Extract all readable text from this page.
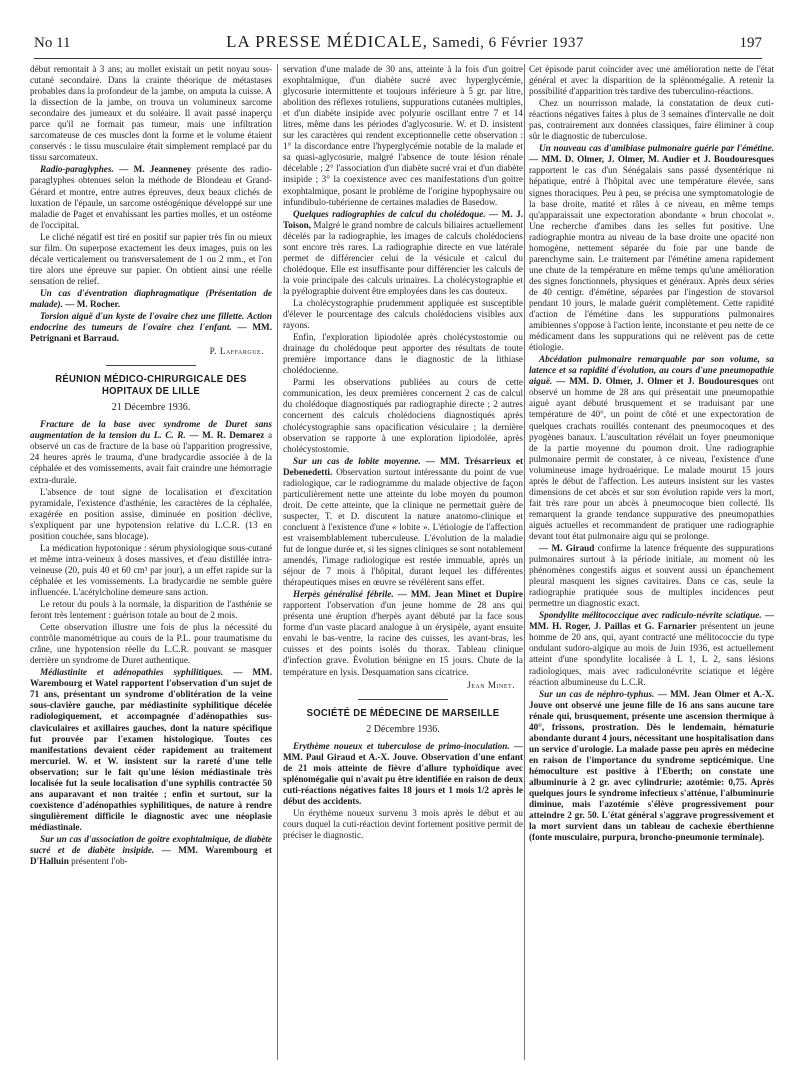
No 11	LA PRESSE MÉDICALE, Samedi, 6 Février 1937	197

début remontait à 3 ans; au mollet existait un petit noyau sous-cutané secondaire. Dans la crainte théorique de métastases probables dans la profondeur de la jambe, on amputa la cuisse. A la dissection de la jambe, on trouva un volumineux sarcome secondaire des jumeaux et du soléaire. Il avait passé inaperçu parce qu'il ne formait pas tumeur, mais une infiltration sarcomateuse de ces muscles dont la forme et le volume étaient conservés : le tissu musculaire était simplement remplacé par du tissu sarcomateux.

Radio-paraglyphes. — M. Jeanneney présente des radio-paraglyphes obtenues selon la méthode de Blondeau et Grand-Gérard et montre, entre autres épreuves, deux beaux clichés de luxation de l'épaule, un sarcome ostéogénique développé sur une maladie de Paget et envahissant les parties molles, et un ostéome de l'occipital.

Le cliché négatif est tiré en positif sur papier très fin ou mieux sur film. On superpose exactement les deux images, puis on les décale verticalement ou transversalement de 1 ou 2 mm., et l'on tire alors une épreuve sur papier. On obtient ainsi une réelle sensation de relief.

Un cas d'éventration diaphragmatique (Présentation de malade). — M. Rocher.

Torsion aiguë d'un kyste de l'ovaire chez une fillette. Action endocrine des tumeurs de l'ovaire chez l'enfant. — MM. Petrignani et Barraud.

P. Laffargue.

RÉUNION MÉDICO-CHIRURGICALE DES HOPITAUX DE LILLE
21 Décembre 1936.

Fracture de la base avec syndrome de Duret sans augmentation de la tension du L. C. R. — M. R. Demarez a observé un cas de fracture de la base où l'apparition progressive, 24 heures après le trauma, d'une bradycardie associée à de la céphalée et des vomissements, avait fait craindre une hémorragie extra-durale.

L'absence de tout signe de localisation et d'excitation pyramidale, l'existence d'asthénie, les caractères de la céphalée, exagérée en position assise, diminuée en position déclive, s'expliquent par une hypotension relative du L.C.R. (13 en position couchée, sans blocage).

La médication hypotonique : sérum physiologique sous-cutané et même intra-veineux à doses massives, et d'eau distillée intra-veineuse (20, puis 40 et 60 cm³ par jour), a un effet rapide sur la céphalée et les vomissements. La bradycardie ne semble guère influencée. L'acétylcholine demeure sans action.

Le retour du pouls à la normale, la disparition de l'asthénie se feront très lentement : guérison totale au bout de 2 mois.

Cette observation illustre une fois de plus la nécessité du contrôle manométrique au cours de la P.L. pour traumatisme du crâne, une hypotension réelle du L.C.R. pouvant se masquer derrière un syndrome de Duret authentique.

Médiastinite et adénopathies syphilitiques. — MM. Warembourg et Watel rapportent l'observation d'un sujet de 71 ans, présentant un syndrome d'oblitération de la veine sous-clavière gauche, par médiastinite syphilitique décelée radiologiquement, et accompagnée d'adénopathies sus-claviculaires et axillaires gauches, dont la nature spécifique fut prouvée par l'examen histologique. Toutes ces manifestations devaient céder rapidement au traitement mercuriel. W. et W. insistent sur la rareté d'une telle observation; sur le fait qu'une lésion médiastinale très localisée fut la seule localisation d'une syphilis contractée 50 ans auparavant et non traitée ; enfin et surtout, sur la coexistence d'adénopathies syphilitiques, de nature à rendre singulièrement difficile le diagnostic avec une néoplasie médiastinale.

Sur un cas d'association de goitre exophtalmique, de diabète sucré et de diabète insipide. — MM. Warembourg et D'Halluin présentent l'ob-

servation d'une malade de 30 ans, atteinte à la fois d'un goitre exophtalmique, d'un diabète sucré avec hyperglycémie, glycosurie intermittente et toujours inférieure à 5 gr. par litre, abolition des réflexes rotuliens, suppurations cutanées multiples, et d'un diabète insipide avec polyurie oscillant entre 7 et 14 litres, même dans les périodes d'aglycosurie. W. et D. insistent sur les caractères qui rendent exceptionnelle cette observation : 1° la discordance entre l'hyperglycémie notable de la malade et sa quasi-aglycosurie, malgré l'absence de toute lésion rénale décelable ; 2° l'association d'un diabète sucré vrai et d'un diabète insipide ; 3° la coexistence avec ces manifestations d'un goitre exophtalmique, posant le problème de l'origine hypophysaire ou infundibulo-tubérienne de certaines maladies de Basedow.

Quelques radiographies de calcul du cholédoque. — M. J. Toison, Malgré le grand nombre de calculs biliaires actuellement décelés par la radiographie, les images de calculs cholédociens sont encore très rares. La radiographie directe en vue latérale permet de différencier celui de la vésicule et calcul du cholédoque. Elle est insuffisante pour différencier les calculs de la voie principale des calculs urinaires. La cholécystographie et la pyélographie doivent être employées dans les cas douteux.

La cholécystographie prudemment appliquée est susceptible d'élever le pourcentage des calculs cholédociens visibles aux rayons.

Enfin, l'exploration lipiodolée après cholécystostomie ou drainage du cholédoque peut apporter des résultats de toute première importance dans le diagnostic de la lithiase cholédocienne.

Parmi les observations publiées au cours de cette communication, les deux premières concernent 2 cas de calcul du cholédoque diagnostiqués par radiographie directe ; 2 autres concernent des calculs cholédociens diagnostiqués après cholécystographie sans opacification vésiculaire ; la dernière observation se rapporte à une exploration lipiodolée, après cholécystostomie.

Sur un cas de lobite moyenne. — MM. Trésarrieux et Debenedetti. Observation surtout intéressante du point de vue radiologique, car le radiogramme du malade objective de façon particulièrement nette une atteinte du lobe moyen du poumon droit. De cette atteinte, que la clinique ne permettait guère de suspecter, T. et D. discutent la nature anatomo-clinique et concluent à l'existence d'une « lobite ». L'étiologie de l'affection est vraisemblablement tuberculeuse. L'évolution de la maladie fut de longue durée et, si les signes cliniques se sont notablement amendés, l'image radiologique est restée immuable, après un séjour de 7 mois à l'hôpital, durant lequel les différentes thérapeutiques mises en œuvre se révélèrent sans effet.

Herpès généralisé fébrile. — MM. Jean Minet et Dupire rapportent l'observation d'un jeune homme de 28 ans qui présenta une éruption d'herpès ayant débuté par la face sous forme d'un vaste placard analogue à un érysipèle, ayant ensuite envahi le bas-ventre, la racine des cuisses, les avant-bras, les cuisses et des points isolés du thorax. Tableau clinique d'infection grave. Évolution bénigne en 15 jours. Chute de la température en lysis. Desquamation sans cicatrice.

Jean Minet.

SOCIÉTÉ DE MÉDECINE DE MARSEILLE
2 Décembre 1936.

Erythème noueux et tuberculose de primo-inoculation. — MM. Paul Giraud et A.-X. Jouve. Observation d'une enfant de 21 mois atteinte de fièvre d'allure typhoïdique avec splénomégalie qui n'avait pu être identifiée en raison de deux cuti-réactions négatives faites 18 jours et 1 mois 1/2 après le début des accidents.

Un érythème noueux survenu 3 mois après le début et au cours duquel la cuti-réaction devint fortement positive permit de préciser le diagnostic.

Cet épisode parut coïncider avec une amélioration nette de l'état général et avec la disparition de la splénomégalie. A retenir la possibilité d'apparition très tardive des tuberculino-réactions.

Chez un nourrisson malade, la constatation de deux cuti-réactions négatives faites à plus de 3 semaines d'intervalle ne doit pas, contrairement aux données classiques, faire éliminer à coup sûr le diagnostic de tuberculose.

Un nouveau cas d'amibiase pulmonaire guérie par l'émétine. — MM. D. Olmer, J. Olmer, M. Audier et J. Boudouresques rapportent le cas d'un Sénégalais sans passé dysentérique ni hépatique, entré à l'hôpital avec une température élevée, sans signes thoraciques. Peu à peu, se précisa une symptomatologie de la base droite, matité et râles à ce niveau, en même temps qu'apparaissait une expectoration abondante « brun chocolat ». Une recherche d'amibes dans les selles fut positive. Une radiographie montra au niveau de la base droite une opacité non homogène, nettement séparée du foie par une bande de parenchyme sain. Le traitement par l'émétine amena rapidement une chute de la température en même temps qu'une amélioration des signes fonctionnels, physiques et généraux. Après deux séries de 40 centigr. d'émétine, séparées par l'ingestion de stovarsol pendant 10 jours, le malade guérit complètement. Cette rapidité d'action de l'émétine dans les suppurations pulmonaires amibiennes s'oppose à l'action lente, inconstante et peu nette de ce médicament dans les suppurations qui ne relèvent pas de cette étiologie.

Abcédation pulmonaire remarquable par son volume, sa latence et sa rapidité d'évolution, au cours d'une pneumopathie aiguë. — MM. D. Olmer, J. Olmer et J. Boudouresques ont observé un homme de 28 ans qui présentait une pneumopathie aiguë ayant débuté brusquement et se traduisant par une température de 40°, un point de côté et une expectoration de quelques crachats rouillés contenant des pneumocoques et des pyogènes banaux. L'auscultation révélait un foyer pneumonique de la partie moyenne du poumon droit. Une radiographie pulmonaire permit de constater, à ce niveau, l'existence d'une volumineuse image hydroaérique. Le malade mourut 15 jours après le début de l'affection. Les auteurs insistent sur les vastes dimensions de cet abcès et sur son évolution rapide vers la mort, fait très rare pour un abcès à pneumocoque bien collecté. Ils remarquent la grande tendance suppurative des pneumopathies aiguës actuelles et recommandent de pratiquer une radiographie devant tout état pulmonaire aigu qui se prolonge.

— M. Giraud confirme la latence fréquente des suppurations pulmonaires surtout à la période initiale, au moment où les phénomènes congestifs aigus et souvent aussi un épanchement pleural masquent les signes cavitaires. Dans ce cas, seule la radiographie pratiquée sous de multiples incidences peut permettre un diagnostic exact.

Spondylite mélitococcique avec radiculo-névrite sciatique. — MM. H. Roger, J. Paillas et G. Farnarier présentent un jeune homme de 20 ans, qui, ayant contracté une mélitococcie du type ondulant sudoro-algique au mois de Juin 1936, est actuellement atteint d'une spondylite localisée à L 1, L 2, sans lésions radiologiques, mais avec radiculonévrite sciatique et légère réaction albumineuse du L.C.R.

Sur un cas de néphro-typhus. — MM. Jean Olmer et A.-X. Jouve ont observé une jeune fille de 16 ans sans aucune tare rénale qui, brusquement, présente une ascension thermique à 40°, frissons, prostration. Dès le lendemain, hématurie abondante durant 4 jours, nécessitant une hospitalisation dans un service d'urologie. La malade passe peu après en médecine en raison de l'importance du syndrome septicémique. Une hémoculture est positive à l'Eberth; on constate une albuminurie à 2 gr. avec cylindrurie; azotémie: 0,75. Après quelques jours le syndrome infectieux s'atténue, l'albuminurie diminue, mais l'azotémie s'élève progressivement pour atteindre 2 gr. 50. L'état général s'aggrave progressivement et la mort survient dans un tableau de cachexie éberthienne (fonte musculaire, purpura, broncho-pneumonie terminale).
